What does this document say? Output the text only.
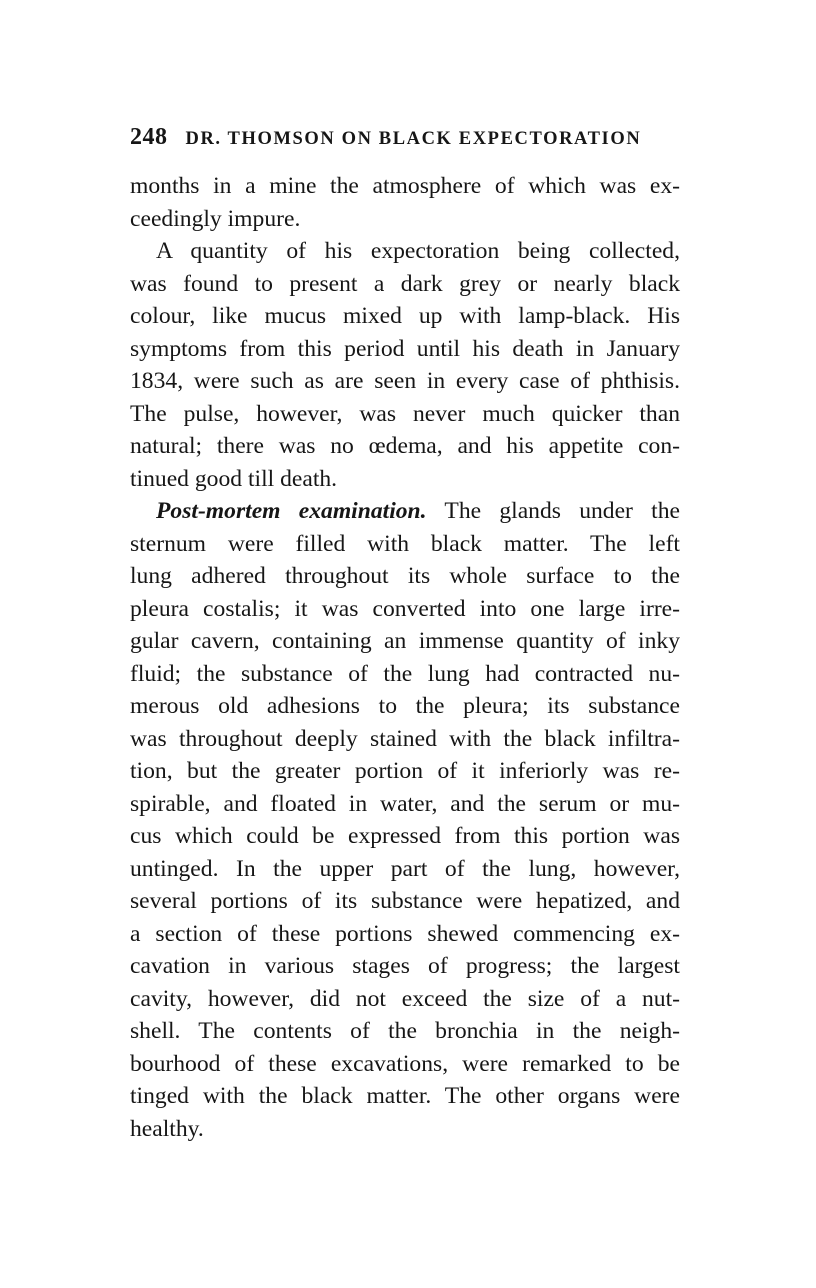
248 DR. THOMSON ON BLACK EXPECTORATION
months in a mine the atmosphere of which was ex-
ceedingly impure.
A quantity of his expectoration being collected,
was found to present a dark grey or nearly black
colour, like mucus mixed up with lamp-black. His
symptoms from this period until his death in January
1834, were such as are seen in every case of phthisis.
The pulse, however, was never much quicker than
natural; there was no œdema, and his appetite con-
tinued good till death.
Post-mortem examination. The glands under the
sternum were filled with black matter. The left
lung adhered throughout its whole surface to the
pleura costalis; it was converted into one large irre-
gular cavern, containing an immense quantity of inky
fluid; the substance of the lung had contracted nu-
merous old adhesions to the pleura; its substance
was throughout deeply stained with the black infiltra-
tion, but the greater portion of it inferiorly was re-
spirable, and floated in water, and the serum or mu-
cus which could be expressed from this portion was
untinged. In the upper part of the lung, however,
several portions of its substance were hepatized, and
a section of these portions shewed commencing ex-
cavation in various stages of progress; the largest
cavity, however, did not exceed the size of a nut-
shell. The contents of the bronchia in the neigh-
bourhood of these excavations, were remarked to be
tinged with the black matter. The other organs were
healthy.
